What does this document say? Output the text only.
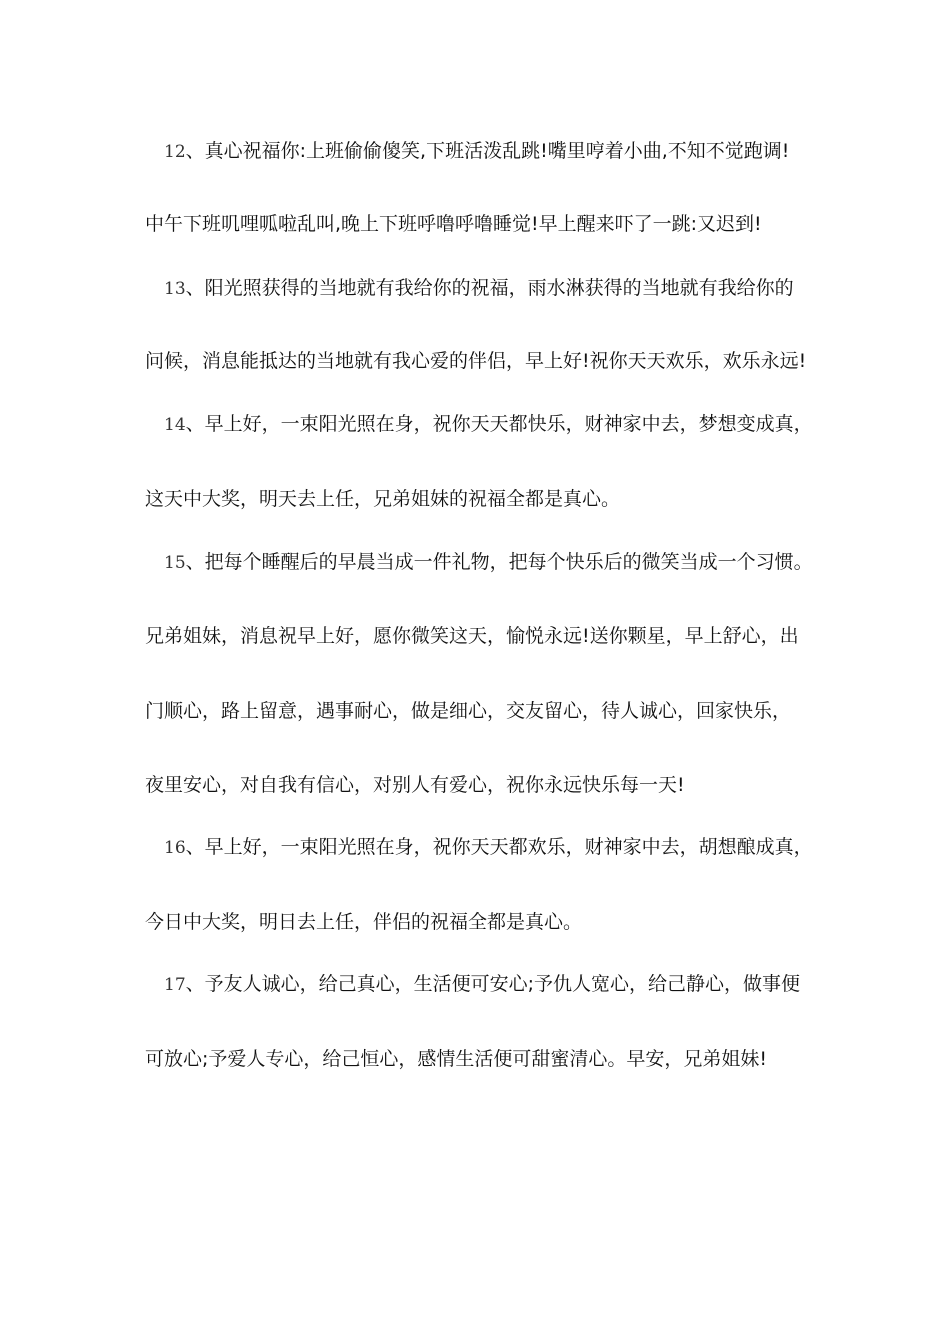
12、真心祝福你:上班偷偷傻笑,下班活泼乱跳!嘴里哼着小曲,不知不觉跑调!
中午下班叽哩呱啦乱叫,晚上下班呼噜呼噜睡觉!早上醒来吓了一跳:又迟到!
13、阳光照获得的当地就有我给你的祝福，雨水淋获得的当地就有我给你的
问候，消息能抵达的当地就有我心爱的伴侣，早上好!祝你天天欢乐，欢乐永远!
14、早上好，一束阳光照在身，祝你天天都快乐，财神家中去，梦想变成真，
这天中大奖，明天去上任，兄弟姐妹的祝福全都是真心。
15、把每个睡醒后的早晨当成一件礼物，把每个快乐后的微笑当成一个习惯。
兄弟姐妹，消息祝早上好，愿你微笑这天，愉悦永远!送你颗星，早上舒心，出
门顺心，路上留意，遇事耐心，做是细心，交友留心，待人诚心，回家快乐，
夜里安心，对自我有信心，对别人有爱心，祝你永远快乐每一天!
16、早上好，一束阳光照在身，祝你天天都欢乐，财神家中去，胡想酿成真，
今日中大奖，明日去上任，伴侣的祝福全都是真心。
17、予友人诚心，给己真心，生活便可安心;予仇人宽心，给己静心，做事便
可放心;予爱人专心，给己恒心，感情生活便可甜蜜清心。早安，兄弟姐妹!
